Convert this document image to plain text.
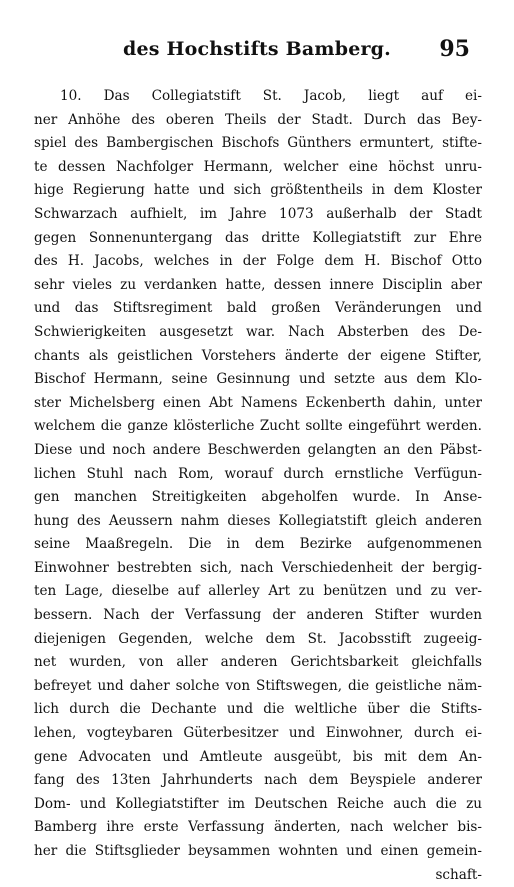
des Hochstifts Bamberg.	95
10. Das Collegiatstift St. Jacob, liegt auf ei-
ner Anhöhe des oberen Theils der Stadt. Durch das Bey-
spiel des Bambergischen Bischofs Günthers ermuntert, stifte-
te dessen Nachfolger Hermann, welcher eine höchst unru-
hige Regierung hatte und sich größtentheils in dem Kloster
Schwarzach aufhielt, im Jahre 1073 außerhalb der Stadt
gegen Sonnenuntergang das dritte Kollegiatstift zur Ehre
des H. Jacobs, welches in der Folge dem H. Bischof Otto
sehr vieles zu verdanken hatte, dessen innere Disciplin aber
und das Stiftsregiment bald großen Veränderungen und
Schwierigkeiten ausgesetzt war. Nach Absterben des De-
chants als geistlichen Vorstehers änderte der eigene Stifter,
Bischof Hermann, seine Gesinnung und setzte aus dem Klo-
ster Michelsberg einen Abt Namens Eckenberth dahin, unter
welchem die ganze klösterliche Zucht sollte eingeführt werden.
Diese und noch andere Beschwerden gelangten an den Päbst-
lichen Stuhl nach Rom, worauf durch ernstliche Verfügun-
gen manchen Streitigkeiten abgeholfen wurde. In Anse-
hung des Aeussern nahm dieses Kollegiatstift gleich anderen
seine Maaßregeln. Die in dem Bezirke aufgenommenen
Einwohner bestrebten sich, nach Verschiedenheit der bergig-
ten Lage, dieselbe auf allerley Art zu benützen und zu ver-
bessern. Nach der Verfassung der anderen Stifter wurden
diejenigen Gegenden, welche dem St. Jacobsstift zugeeig-
net wurden, von aller anderen Gerichtsbarkeit gleichfalls
befreyet und daher solche von Stiftswegen, die geistliche näm-
lich durch die Dechante und die weltliche über die Stifts-
lehen, vogteybaren Güterbesitzer und Einwohner, durch ei-
gene Advocaten und Amtleute ausgeübt, bis mit dem An-
fang des 13ten Jahrhunderts nach dem Beyspiele anderer
Dom- und Kollegiatstifter im Deutschen Reiche auch die zu
Bamberg ihre erste Verfassung änderten, nach welcher bis-
her die Stiftsglieder beysammen wohnten und einen gemein-
schaft-
